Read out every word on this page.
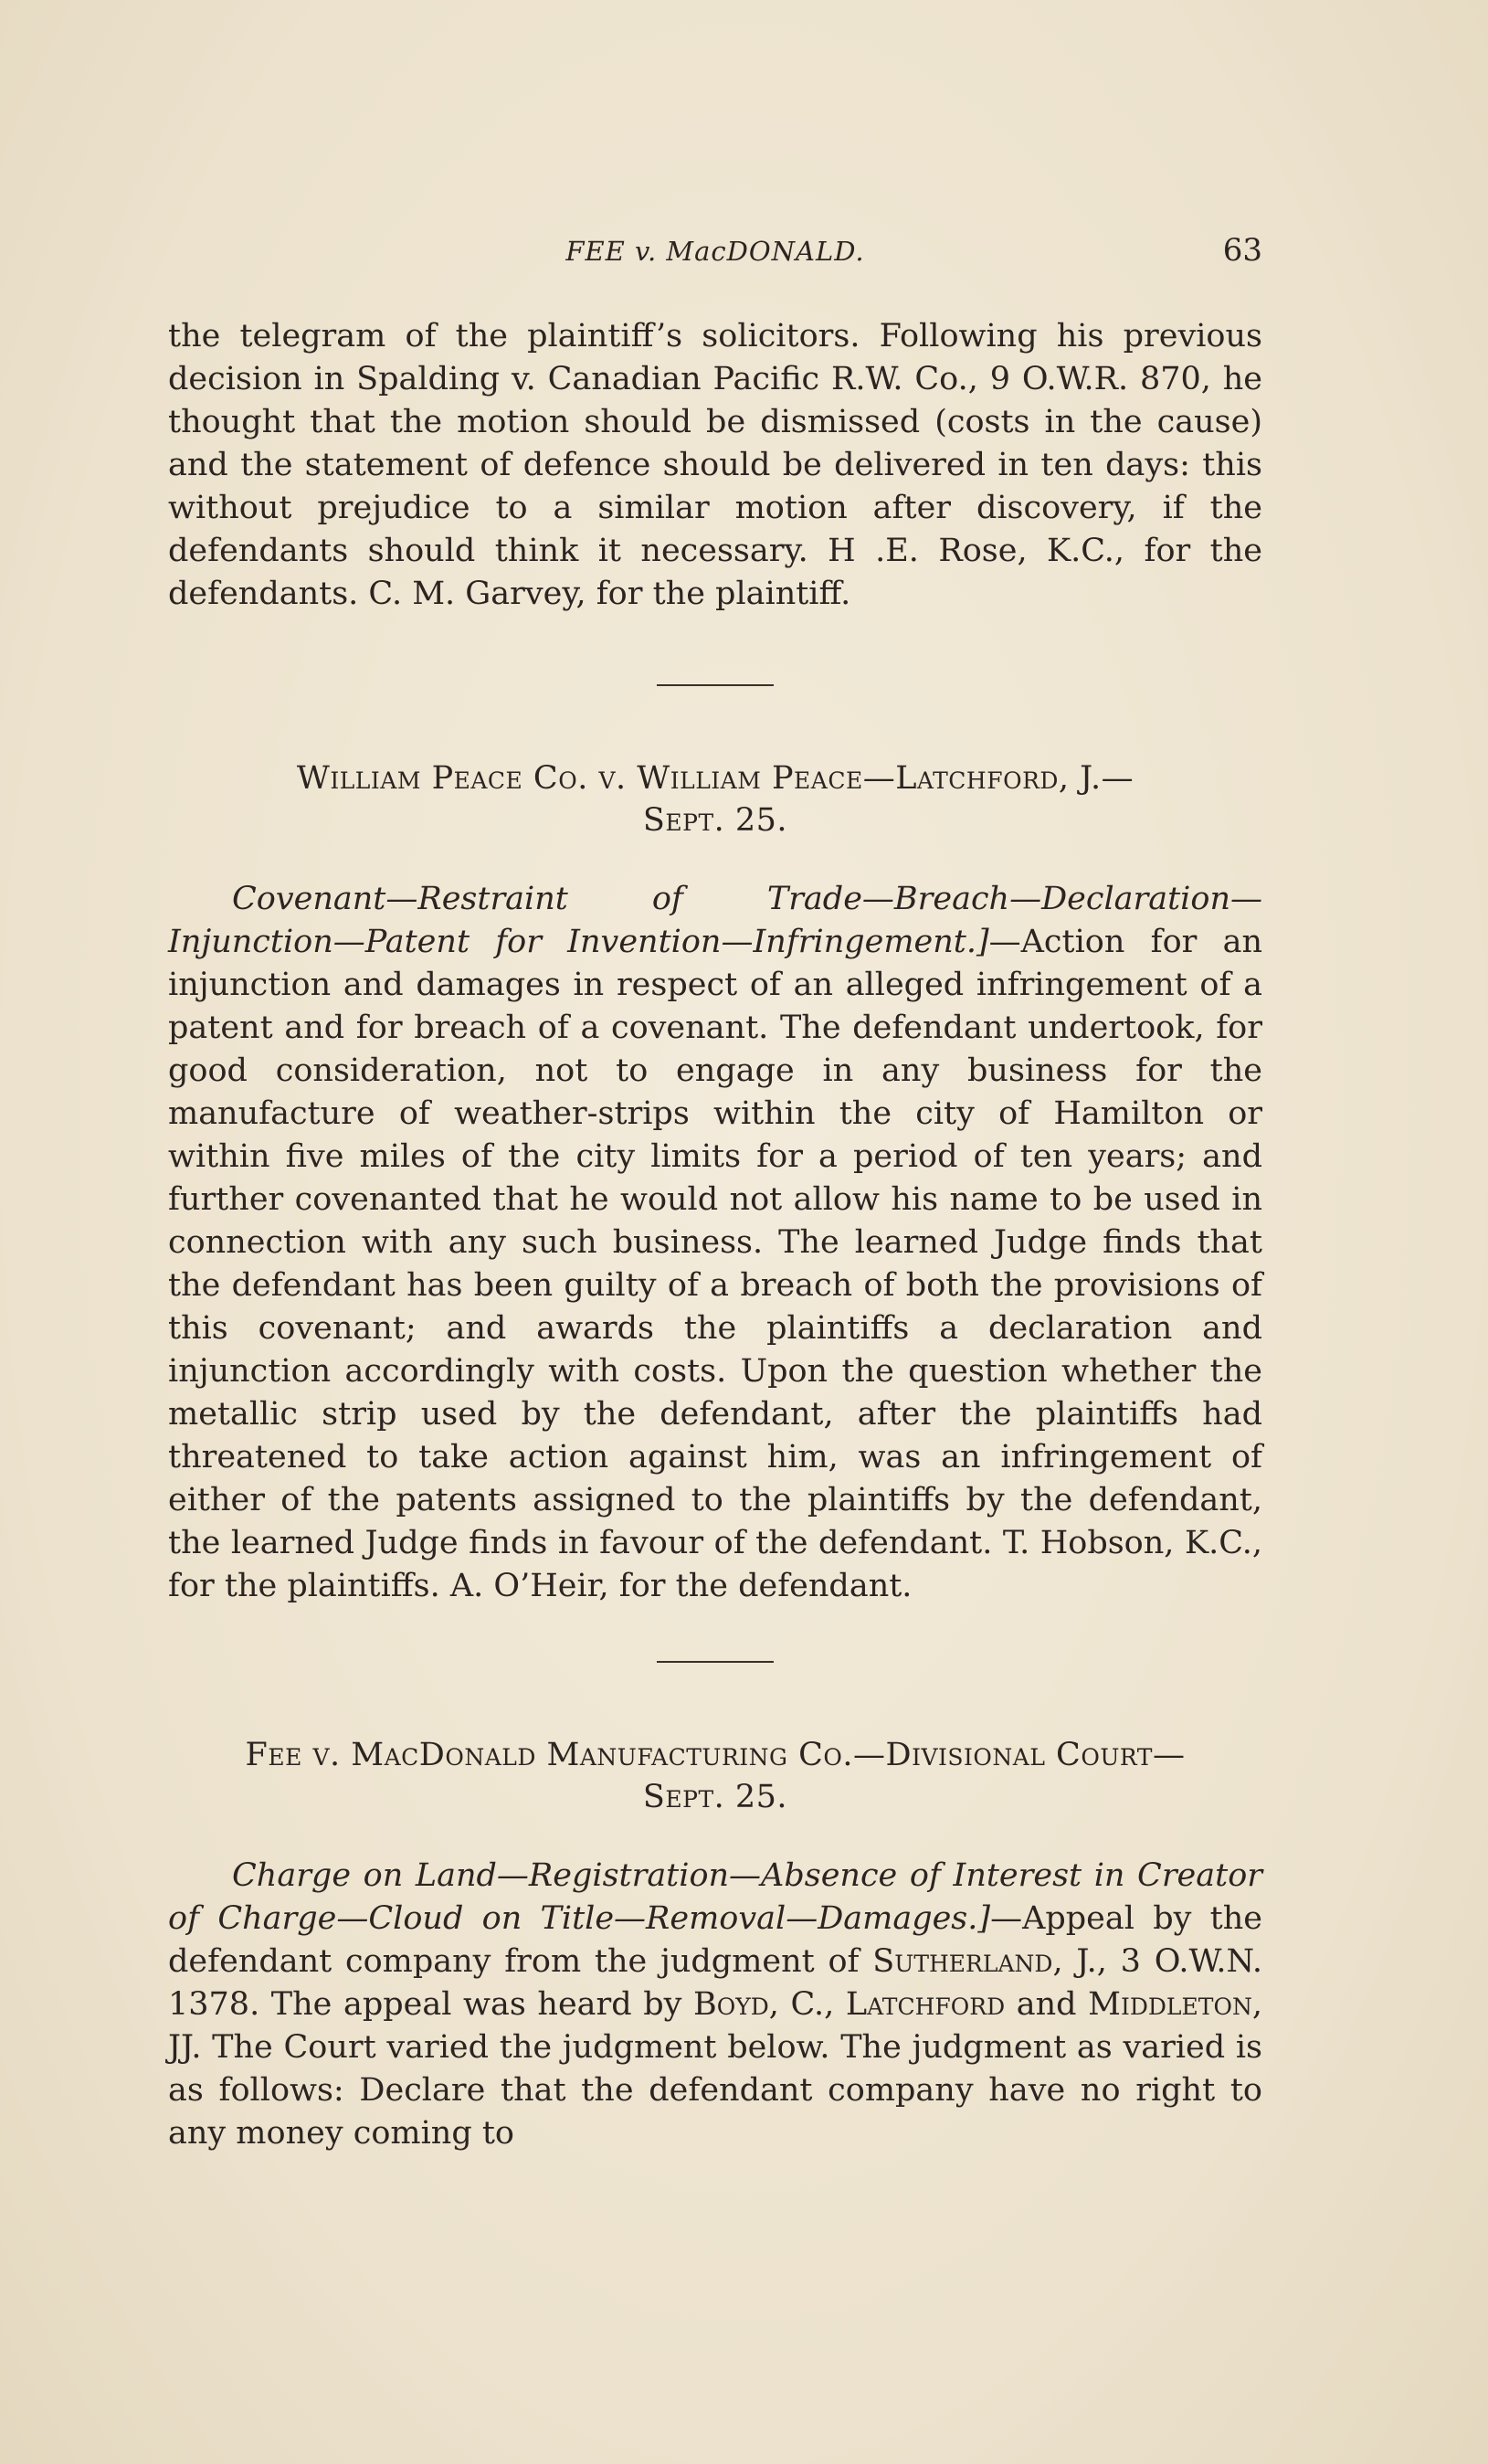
FEE v. MacDONALD.	63

the telegram of the plaintiff’s solicitors. Following his previous decision in Spalding v. Canadian Pacific R.W. Co., 9 O.W.R. 870, he thought that the motion should be dismissed (costs in the cause) and the statement of defence should be delivered in ten days: this without prejudice to a similar motion after discovery, if the defendants should think it necessary. H .E. Rose, K.C., for the defendants. C. M. Garvey, for the plaintiff.

William Peace Co. v. William Peace—Latchford, J.—
Sept. 25.

Covenant—Restraint of Trade—Breach—Declaration— Injunction—Patent for Invention—Infringement.]—Action for an injunction and damages in respect of an alleged infringement of a patent and for breach of a covenant. The defendant undertook, for good consideration, not to engage in any business for the manufacture of weather-strips within the city of Hamilton or within five miles of the city limits for a period of ten years; and further covenanted that he would not allow his name to be used in connection with any such business. The learned Judge finds that the defendant has been guilty of a breach of both the provisions of this covenant; and awards the plaintiffs a declaration and injunction accordingly with costs. Upon the question whether the metallic strip used by the defendant, after the plaintiffs had threatened to take action against him, was an infringement of either of the patents assigned to the plaintiffs by the defendant, the learned Judge finds in favour of the defendant. T. Hobson, K.C., for the plaintiffs. A. O’Heir, for the defendant.

Fee v. MacDonald Manufacturing Co.—Divisional Court—
Sept. 25.

Charge on Land—Registration—Absence of Interest in Creator of Charge—Cloud on Title—Removal—Damages.]—Appeal by the defendant company from the judgment of Sutherland, J., 3 O.W.N. 1378. The appeal was heard by Boyd, C., Latchford and Middleton, JJ. The Court varied the judgment below. The judgment as varied is as follows: Declare that the defendant company have no right to any money coming to
